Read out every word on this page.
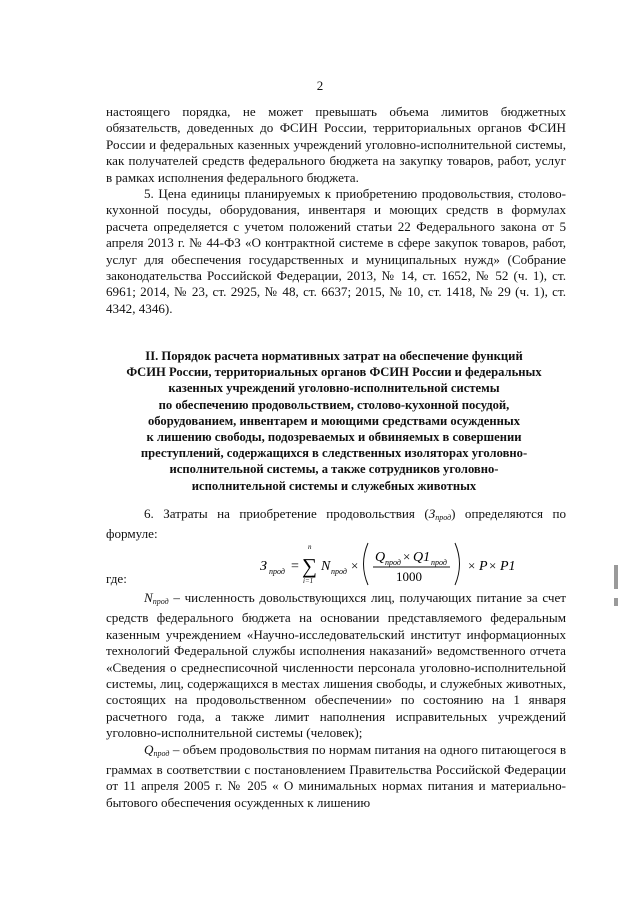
2

настоящего порядка, не может превышать объема лимитов бюджетных обязательств, доведенных до ФСИН России, территориальных органов ФСИН России и федеральных казенных учреждений уголовно-исполнительной системы, как получателей средств федерального бюджета на закупку товаров, работ, услуг в рамках исполнения федерального бюджета.

5. Цена единицы планируемых к приобретению продовольствия, столово-кухонной посуды, оборудования, инвентаря и моющих средств в формулах расчета определяется с учетом положений статьи 22 Федерального закона от 5 апреля 2013 г. № 44-ФЗ «О контрактной системе в сфере закупок товаров, работ, услуг для обеспечения государственных и муниципальных нужд» (Собрание законодательства Российской Федерации, 2013, № 14, ст. 1652, № 52 (ч. 1), ст. 6961; 2014, № 23, ст. 2925, № 48, ст. 6637; 2015, № 10, ст. 1418, № 29 (ч. 1), ст. 4342, 4346).

II. Порядок расчета нормативных затрат на обеспечение функций
ФСИН России, территориальных органов ФСИН России и федеральных
казенных учреждений уголовно-исполнительной системы
по обеспечению продовольствием, столово-кухонной посудой,
оборудованием, инвентарем и моющими средствами осужденных
к лишению свободы, подозреваемых и обвиняемых в совершении
преступлений, содержащихся в следственных изоляторах уголовно-
исполнительной системы, а также сотрудников уголовно-
исполнительной системы и служебных животных

6. Затраты на приобретение продовольствия $(З_{прод})$ определяются по формуле:

З прод =
n
∑
i=1
N прод ×
Q прод × Q1 прод
1000
× P × P1
где:

$N_{прод}$ – численность довольствующихся лиц, получающих питание за счет средств федерального бюджета на основании представляемого федеральным казенным учреждением «Научно-исследовательский институт информационных технологий Федеральной службы исполнения наказаний» ведомственного отчета «Сведения о среднесписочной численности персонала уголовно-исполнительной системы, лиц, содержащихся в местах лишения свободы, и служебных животных, состоящих на продовольственном обеспечении» по состоянию на 1 января расчетного года, а также лимит наполнения исправительных учреждений уголовно-исполнительной системы (человек);

$Q_{прод}$ – объем продовольствия по нормам питания на одного питающегося в граммах в соответствии с постановлением Правительства Российской Федерации от 11 апреля 2005 г. № 205 « О минимальных нормах питания и материально-бытового обеспечения осужденных к лишению
